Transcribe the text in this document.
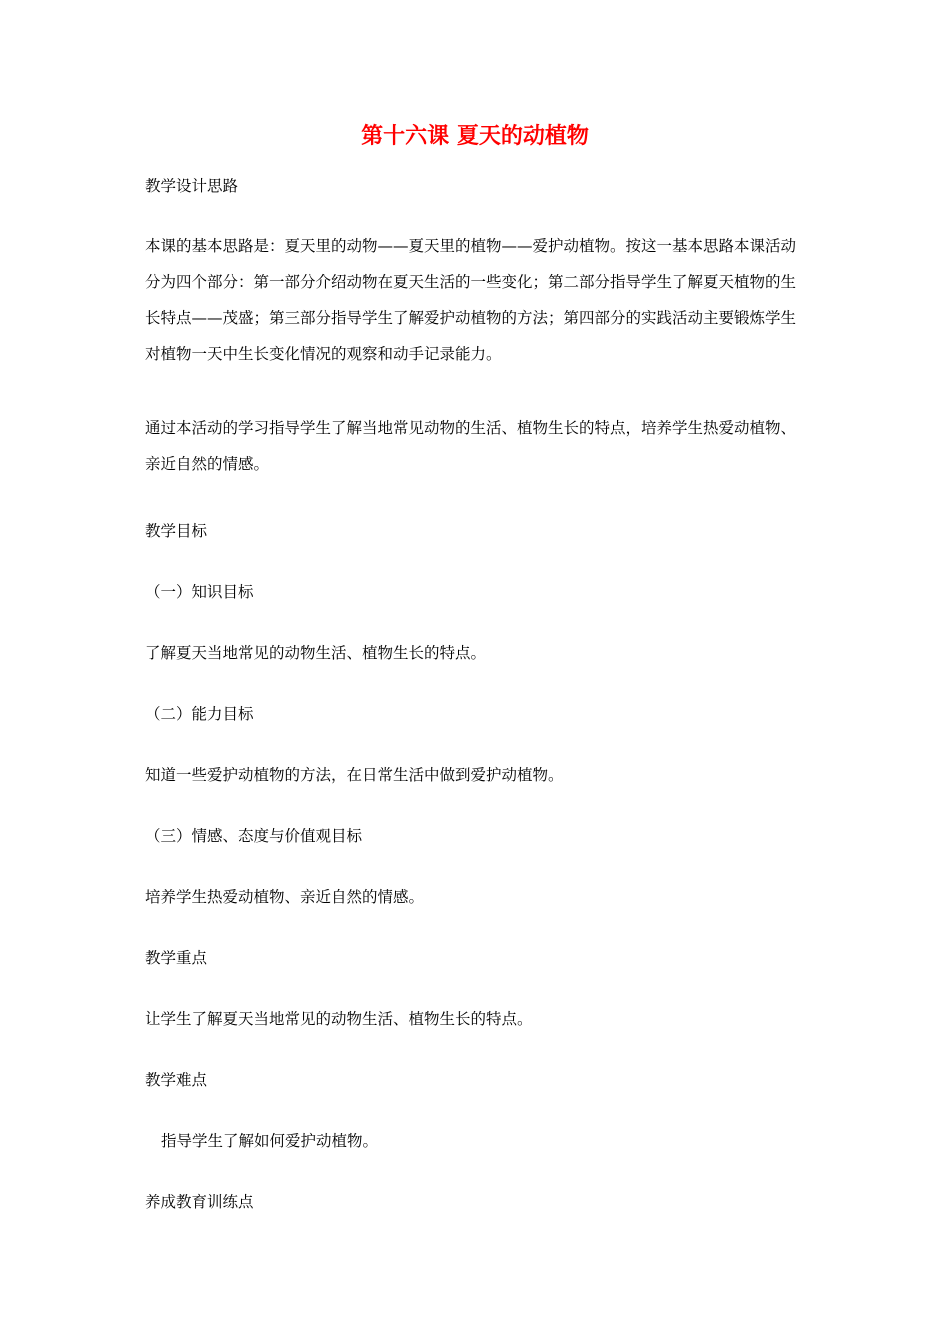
第十六课 夏天的动植物

教学设计思路

本课的基本思路是：夏天里的动物——夏天里的植物——爱护动植物。按这一基本思路本课活动分为四个部分：第一部分介绍动物在夏天生活的一些变化；第二部分指导学生了解夏天植物的生长特点——茂盛；第三部分指导学生了解爱护动植物的方法；第四部分的实践活动主要锻炼学生对植物一天中生长变化情况的观察和动手记录能力。

通过本活动的学习指导学生了解当地常见动物的生活、植物生长的特点，培养学生热爱动植物、亲近自然的情感。

教学目标

（一）知识目标

了解夏天当地常见的动物生活、植物生长的特点。

（二）能力目标

知道一些爱护动植物的方法，在日常生活中做到爱护动植物。

（三）情感、态度与价值观目标

培养学生热爱动植物、亲近自然的情感。

教学重点

让学生了解夏天当地常见的动物生活、植物生长的特点。

教学难点

指导学生了解如何爱护动植物。

养成教育训练点
